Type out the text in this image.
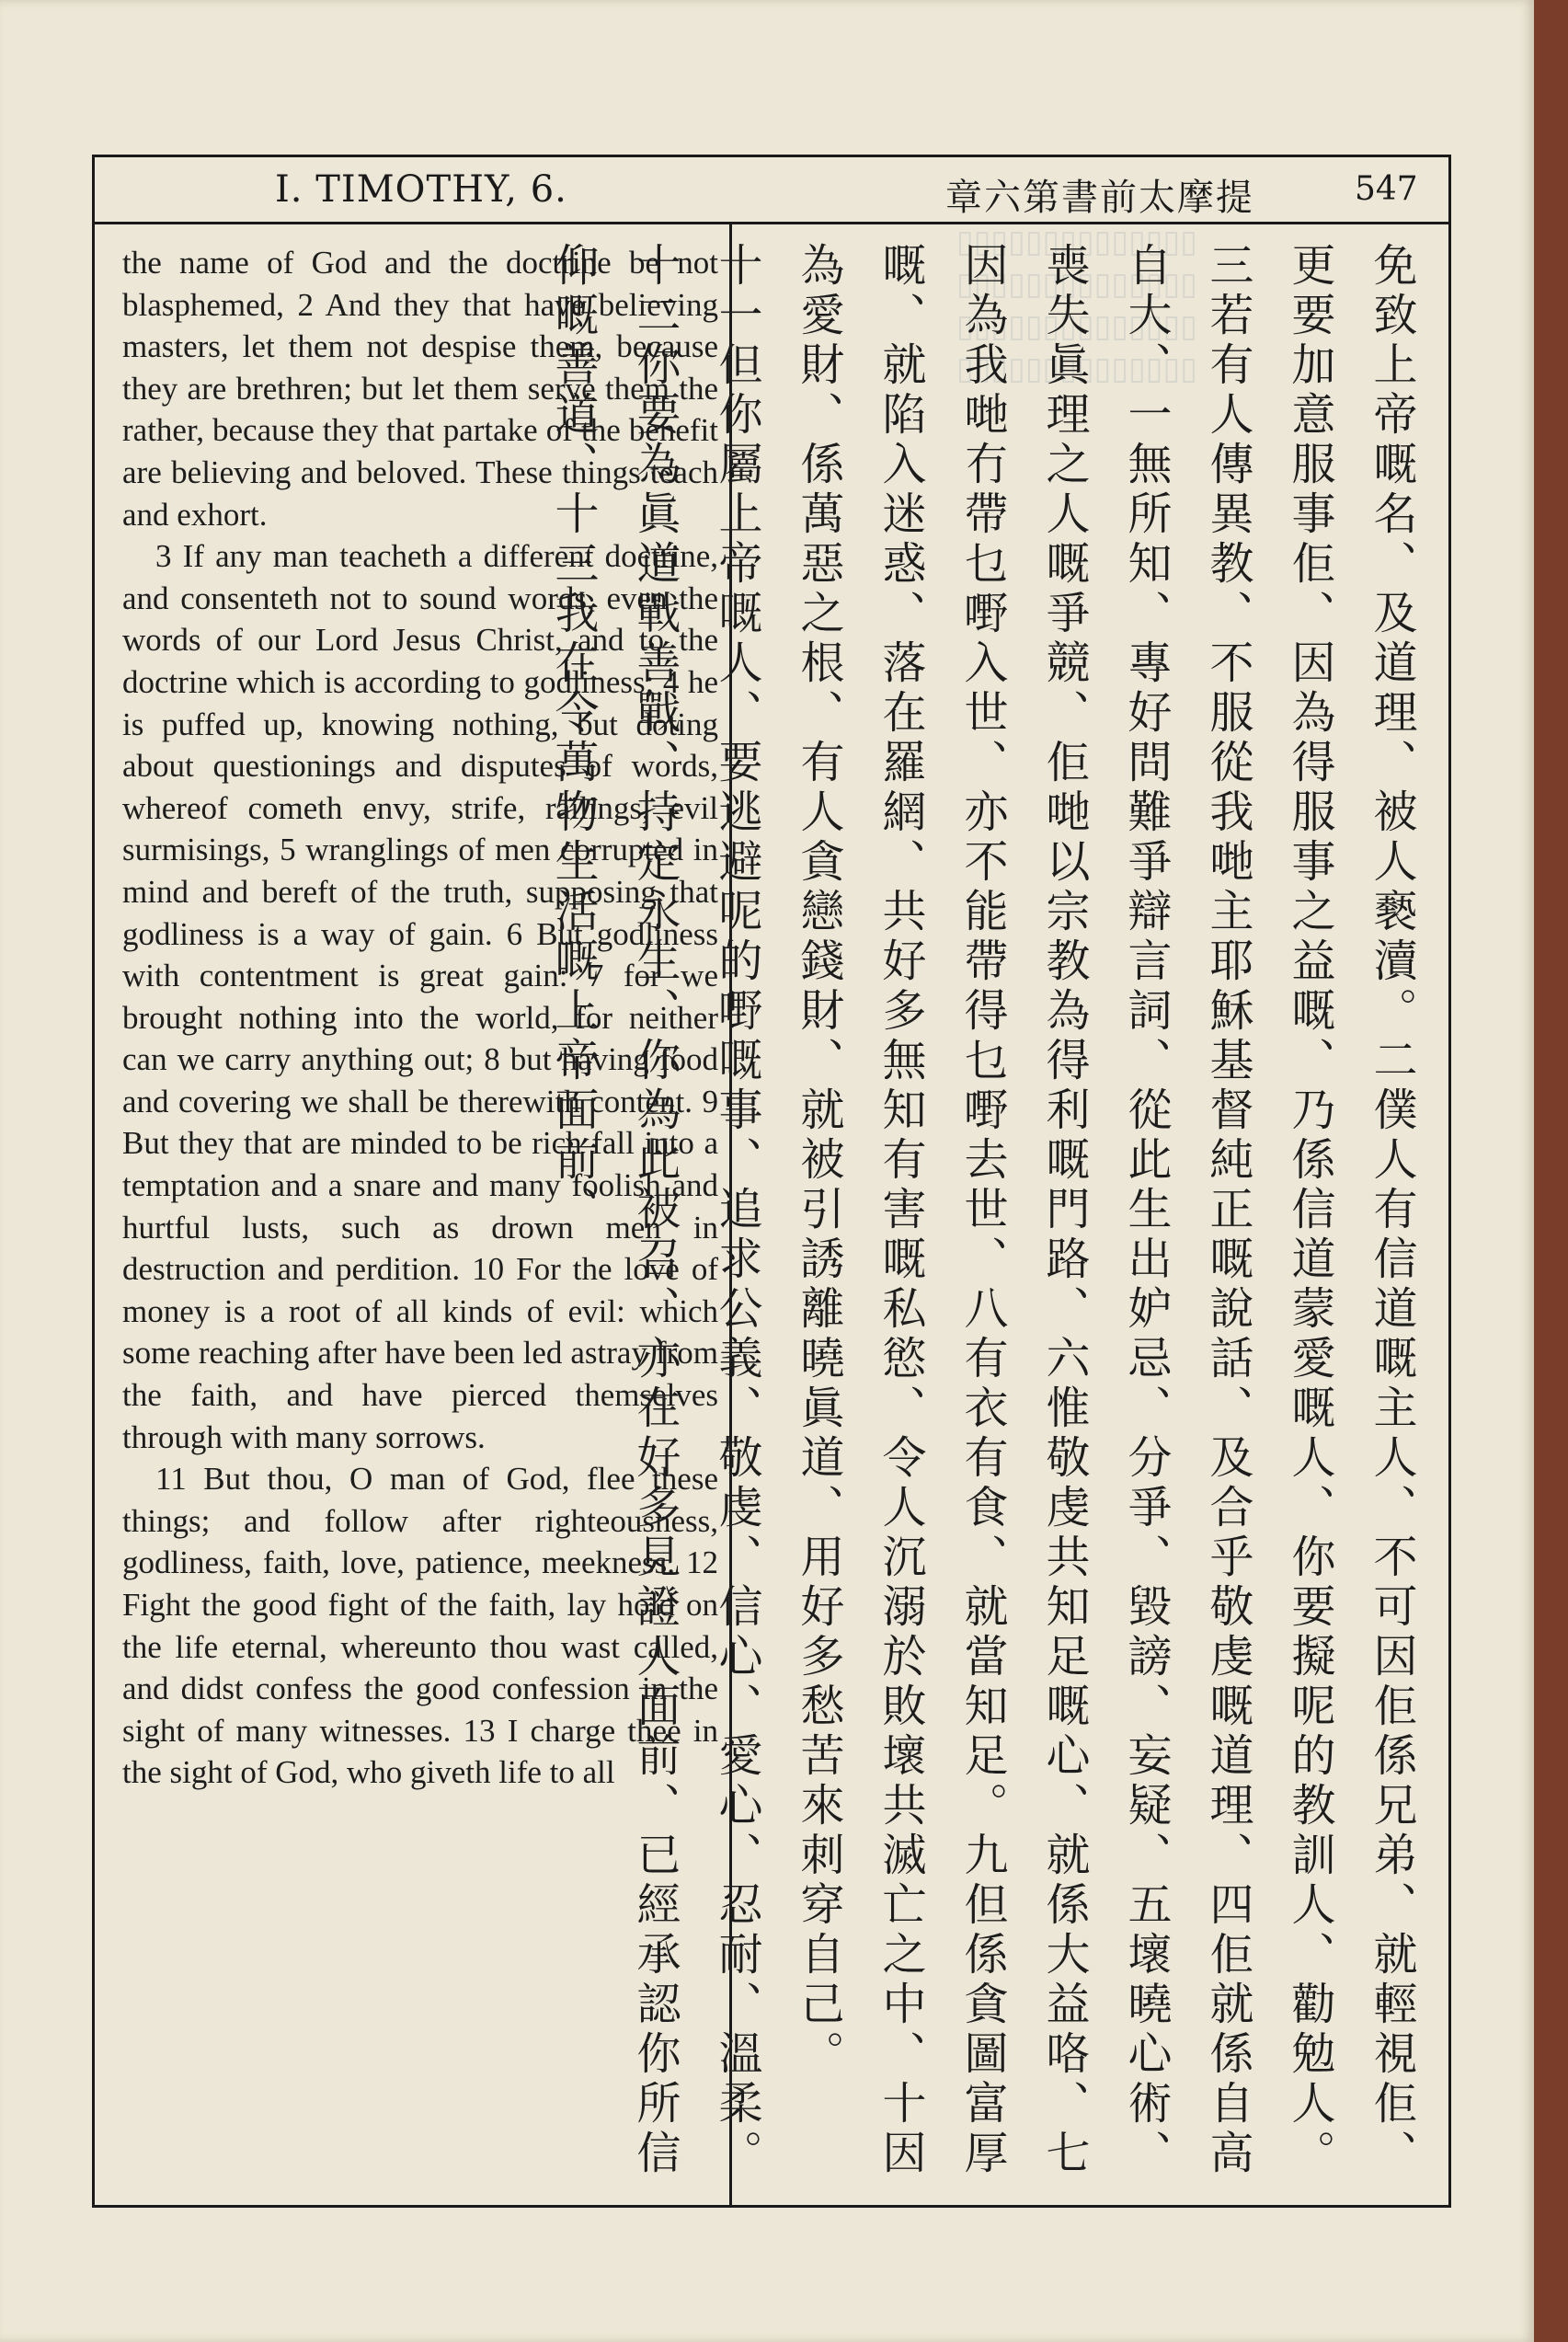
▯▯▯▯▯▯▯▯▯▯▯▯▯▯
▯▯▯▯▯▯▯▯▯▯▯▯▯▯
▯▯▯▯▯▯▯▯▯▯▯▯▯▯
▯▯▯▯▯▯▯▯▯▯▯▯▯▯
I. TIMOTHY, 6.	章六第書前太摩提	547

the name of God and the doctrine be not blasphemed, 2 And they that have believing masters, let them not despise them, because they are brethren; but let them serve them the rather, because they that partake of the benefit are believing and beloved. These things teach and exhort.

3 If any man teacheth a different doctrine, and consenteth not to sound words, even the words of our Lord Jesus Christ, and to the doctrine which is according to godliness; 4 he is puffed up, knowing nothing, but doting about questionings and disputes of words, whereof cometh envy, strife, railings, evil surmisings, 5 wranglings of men corrupted in mind and bereft of the truth, supposing that godliness is a way of gain. 6 But godliness with contentment is great gain: 7 for we brought nothing into the world, for neither can we carry anything out; 8 but having food and covering we shall be therewith content. 9 But they that are minded to be rich fall into a temptation and a snare and many foolish and hurtful lusts, such as drown men in destruction and perdition. 10 For the love of money is a root of all kinds of evil: which some reaching after have been led astray from the faith, and have pierced themselves through with many sorrows.

11 But thou, O man of God, flee these things; and follow after righteousness, godliness, faith, love, patience, meekness. 12 Fight the good fight of the faith, lay hold on the life eternal, whereunto thou wast called, and didst confess the good confession in the sight of many witnesses. 13 I charge thee in the sight of God, who giveth life to all	免致上帝嘅名、及道理、被人褻瀆。二僕人有信道嘅主人、不可因佢係兄弟、就輕視佢、更要加意服事佢、因為得服事之益嘅、乃係信道蒙愛嘅人、你要擬呢的教訓人、勸勉人。

三若有人傳異教、不服從我哋主耶穌基督純正嘅說話、及合乎敬虔嘅道理、四佢就係自高自大、一無所知、專好問難爭辯言詞、從此生出妒忌、分爭、毀謗、妄疑、五壞曉心術、喪失眞理之人嘅爭競、佢哋以宗教為得利嘅門路、六惟敬虔共知足嘅心、就係大益咯、七因為我哋冇帶乜嘢入世、亦不能帶得乜嘢去世、八有衣有食、就當知足。九但係貪圖富厚嘅、就陷入迷惑、落在羅網、共好多無知有害嘅私慾、令人沉溺於敗壞共滅亡之中、十因為愛財、係萬惡之根、有人貪戀錢財、就被引誘離曉眞道、用好多愁苦來刺穿自己。

十一但你屬上帝嘅人、要逃避呢的嘢嘅事、追求公義、敬虔、信心、愛心、忍耐、溫柔。十二你要為眞道戰善戰、持定永生、你為此被召、亦在好多見證人面前、已經承認你所信仰嘅善道、十三我在令萬物生活嘅上帝面前、
